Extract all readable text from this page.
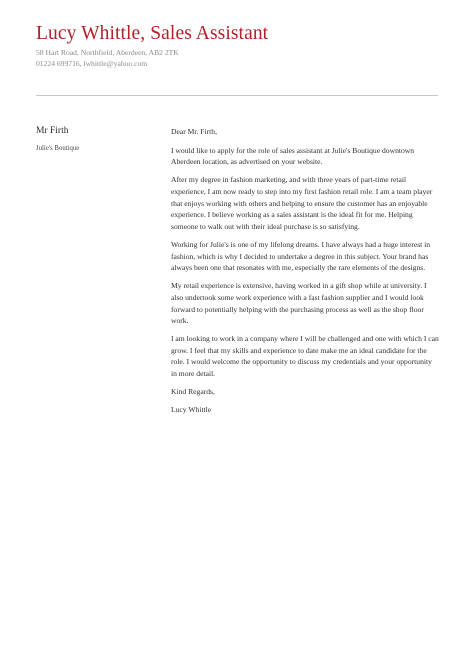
Lucy Whittle, Sales Assistant
58 Hart Road, Northfield, Aberdeen, AB2 2TK
01224 699716, lwhittle@yahoo.com
Mr Firth
Julie's Boutique

Dear Mr. Firth,

I would like to apply for the role of sales assistant at Julie's Boutique downtown Aberdeen location, as advertised on your website.

After my degree in fashion marketing, and with three years of part-time retail experience, I am now ready to step into my first fashion retail role. I am a team player that enjoys working with others and helping to ensure the customer has an enjoyable experience. I believe working as a sales assistant is the ideal fit for me. Helping someone to walk out with their ideal purchase is so satisfying.

Working for Julie's is one of my lifelong dreams. I have always had a huge interest in fashion, which is why I decided to undertake a degree in this subject. Your brand has always been one that resonates with me, especially the rare elements of the designs.

My retail experience is extensive, having worked in a gift shop while at university. I also undertook some work experience with a fast fashion supplier and I would look forward to potentially helping with the purchasing process as well as the shop floor work.

I am looking to work in a company where I will be challenged and one with which I can grow. I feel that my skills and experience to date make me an ideal candidate for the role. I would welcome the opportunity to discuss my credentials and your opportunity in more detail.

Kind Regards,

Lucy Whittle
